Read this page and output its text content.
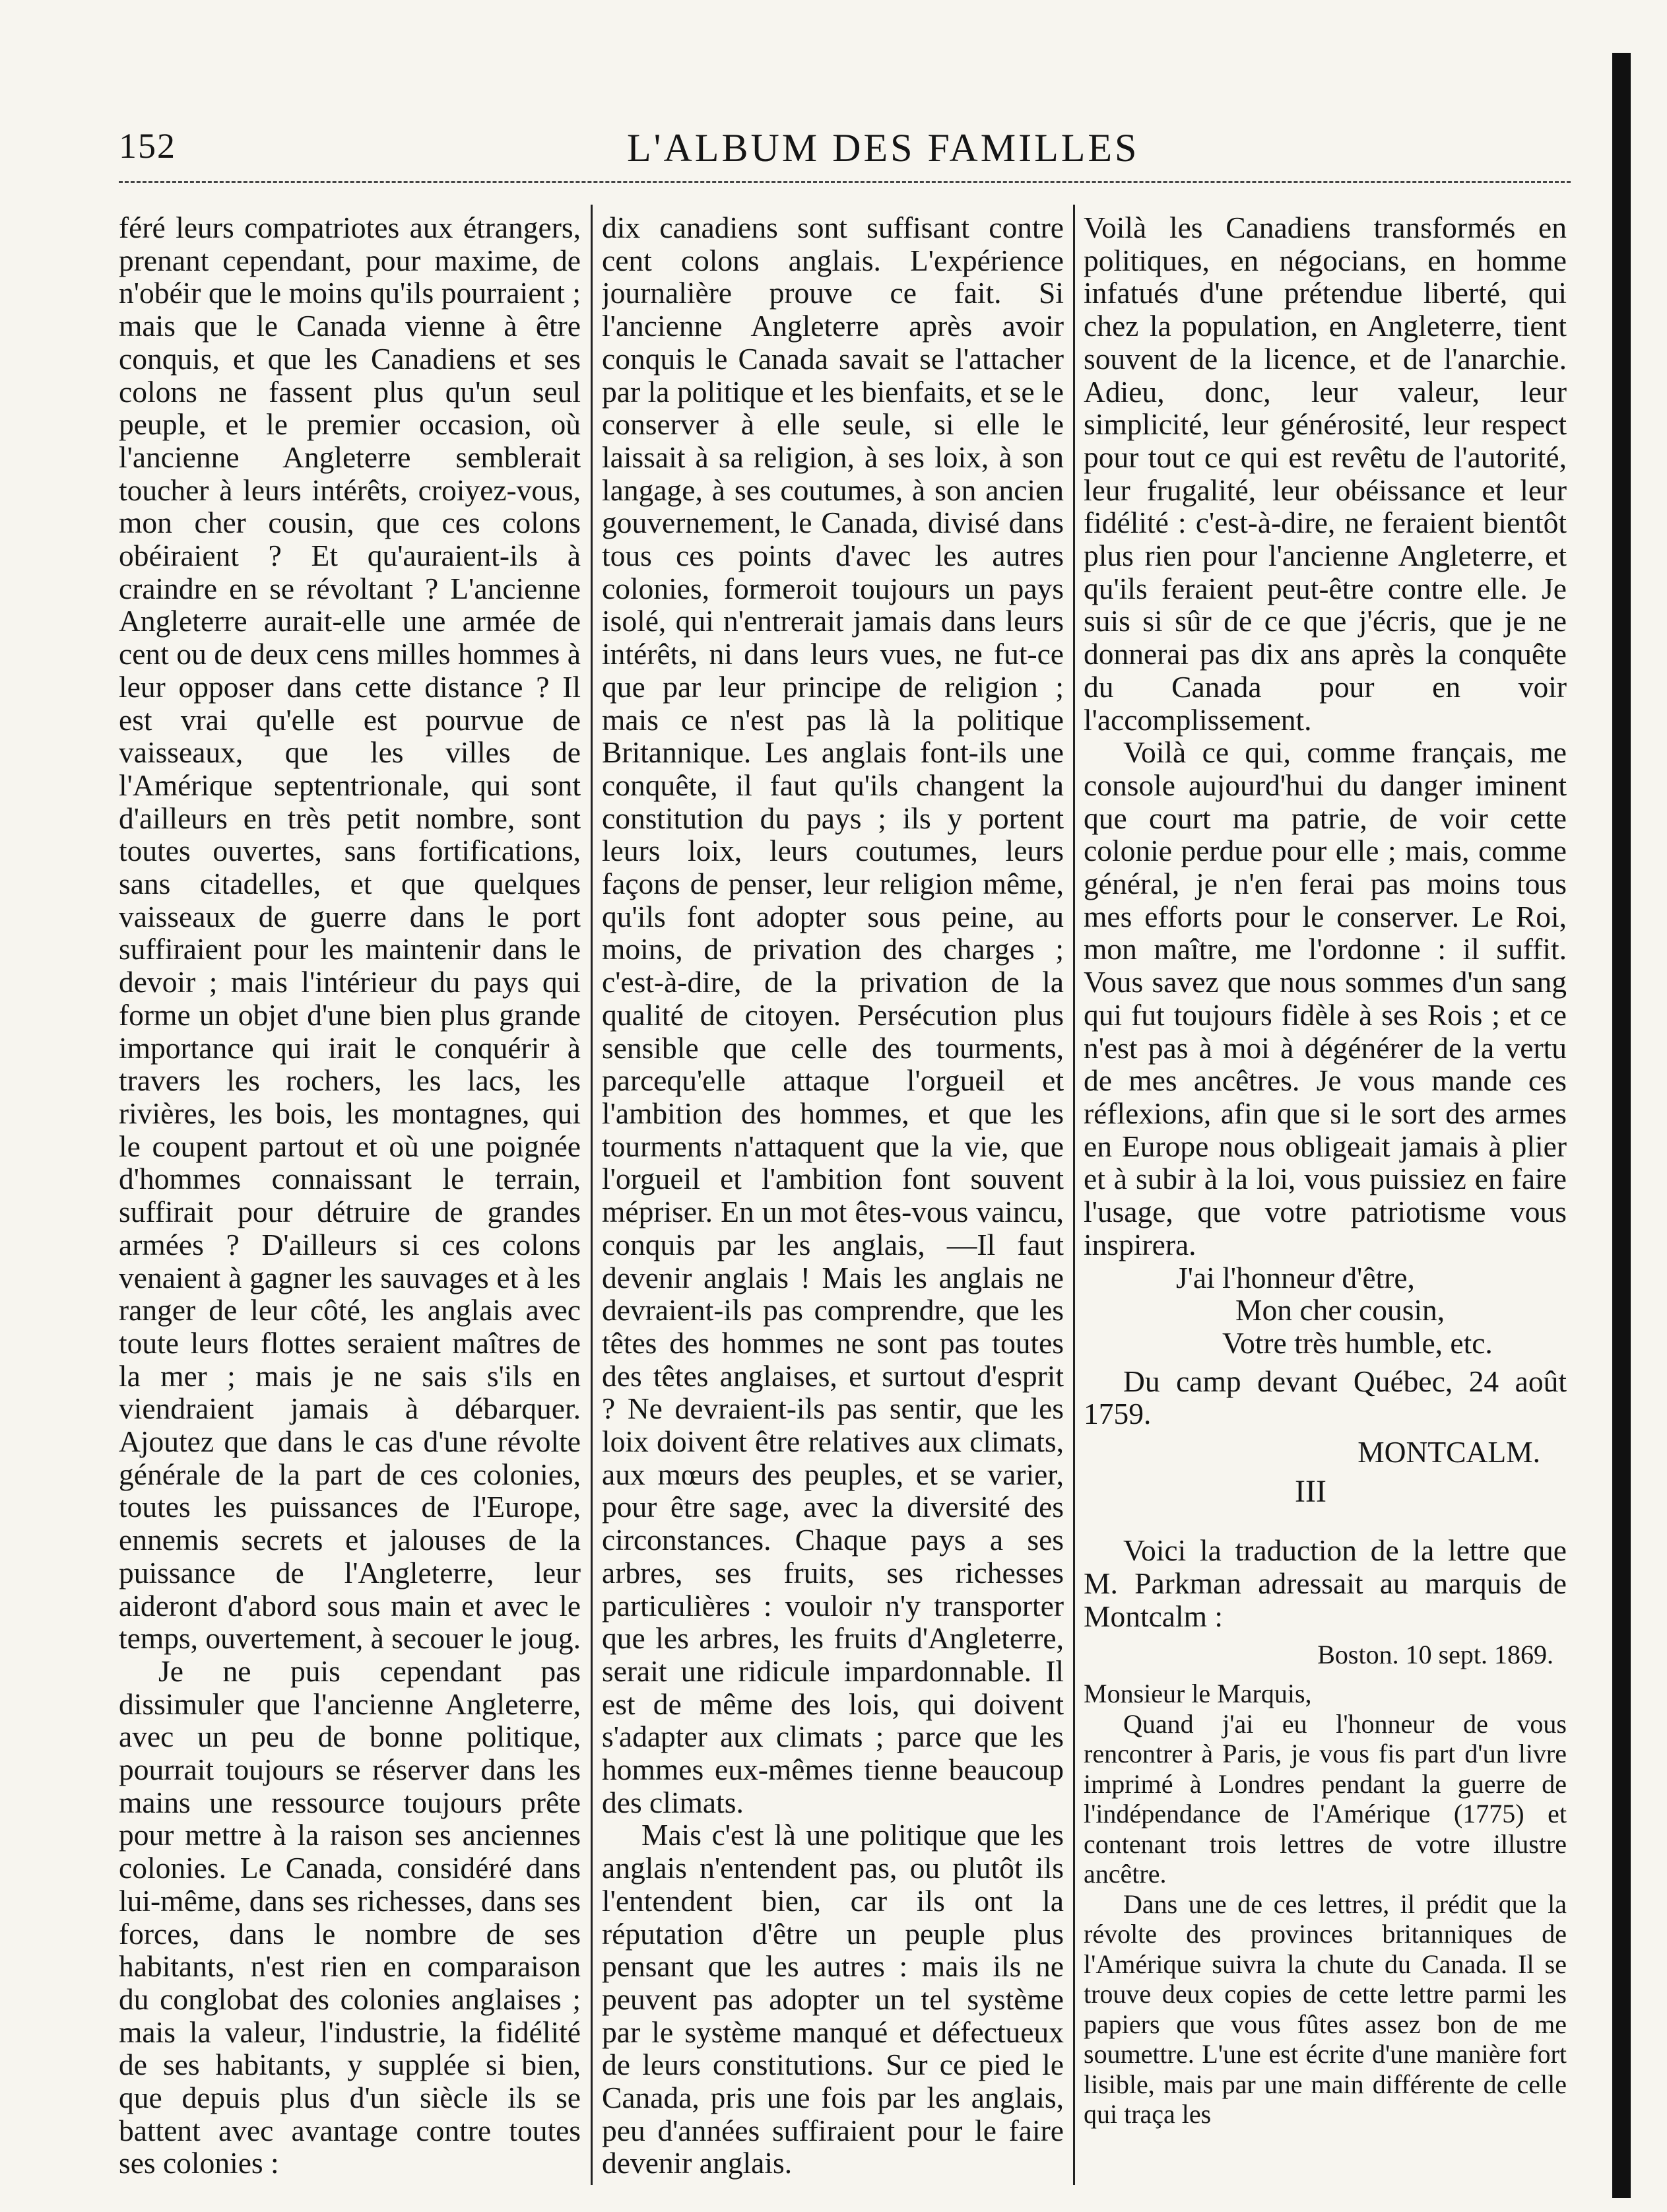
152	L'ALBUM DES FAMILLES

féré leurs compatriotes aux étrangers, prenant cependant, pour maxime, de n'obéir que le moins qu'ils pourraient ; mais que le Canada vienne à être conquis, et que les Canadiens et ses colons ne fassent plus qu'un seul peuple, et le premier occasion, où l'ancienne Angleterre semblerait toucher à leurs intérêts, croiyez-vous, mon cher cousin, que ces colons obéiraient ? Et qu'auraient-ils à craindre en se révoltant ? L'ancienne Angleterre aurait-elle une armée de cent ou de deux cens milles hommes à leur opposer dans cette distance ? Il est vrai qu'elle est pourvue de vaisseaux, que les villes de l'Amérique septentrionale, qui sont d'ailleurs en très petit nombre, sont toutes ouvertes, sans fortifications, sans citadelles, et que quelques vaisseaux de guerre dans le port suffiraient pour les maintenir dans le devoir ; mais l'intérieur du pays qui forme un objet d'une bien plus grande importance qui irait le conquérir à travers les rochers, les lacs, les rivières, les bois, les montagnes, qui le coupent partout et où une poignée d'hommes connaissant le terrain, suffirait pour détruire de grandes armées ? D'ailleurs si ces colons venaient à gagner les sauvages et à les ranger de leur côté, les anglais avec toute leurs flottes seraient maîtres de la mer ; mais je ne sais s'ils en viendraient jamais à débarquer. Ajoutez que dans le cas d'une révolte générale de la part de ces colonies, toutes les puissances de l'Europe, ennemis secrets et jalouses de la puissance de l'Angleterre, leur aideront d'abord sous main et avec le temps, ouvertement, à secouer le joug.

Je ne puis cependant pas dissimuler que l'ancienne Angleterre, avec un peu de bonne politique, pourrait toujours se réserver dans les mains une ressource toujours prête pour mettre à la raison ses anciennes colonies. Le Canada, considéré dans lui-même, dans ses richesses, dans ses forces, dans le nombre de ses habitants, n'est rien en comparaison du conglobat des colonies anglaises ; mais la valeur, l'industrie, la fidélité de ses habitants, y supplée si bien, que depuis plus d'un siècle ils se battent avec avantage contre toutes ses colonies :

dix canadiens sont suffisant contre cent colons anglais. L'expérience journalière prouve ce fait. Si l'ancienne Angleterre après avoir conquis le Canada savait se l'attacher par la politique et les bienfaits, et se le conserver à elle seule, si elle le laissait à sa religion, à ses loix, à son langage, à ses coutumes, à son ancien gouvernement, le Canada, divisé dans tous ces points d'avec les autres colonies, formeroit toujours un pays isolé, qui n'entrerait jamais dans leurs intérêts, ni dans leurs vues, ne fut-ce que par leur principe de religion ; mais ce n'est pas là la politique Britannique. Les anglais font-ils une conquête, il faut qu'ils changent la constitution du pays ; ils y portent leurs loix, leurs coutumes, leurs façons de penser, leur religion même, qu'ils font adopter sous peine, au moins, de privation des charges ; c'est-à-dire, de la privation de la qualité de citoyen. Persécution plus sensible que celle des tourments, parcequ'elle attaque l'orgueil et l'ambition des hommes, et que les tourments n'attaquent que la vie, que l'orgueil et l'ambition font souvent mépriser. En un mot êtes-vous vaincu, conquis par les anglais, —Il faut devenir anglais ! Mais les anglais ne devraient-ils pas comprendre, que les têtes des hommes ne sont pas toutes des têtes anglaises, et surtout d'esprit ? Ne devraient-ils pas sentir, que les loix doivent être relatives aux climats, aux mœurs des peuples, et se varier, pour être sage, avec la diversité des circonstances. Chaque pays a ses arbres, ses fruits, ses richesses particulières : vouloir n'y transporter que les arbres, les fruits d'Angleterre, serait une ridicule impardonnable. Il est de même des lois, qui doivent s'adapter aux climats ; parce que les hommes eux-mêmes tienne beaucoup des climats.

Mais c'est là une politique que les anglais n'entendent pas, ou plutôt ils l'entendent bien, car ils ont la réputation d'être un peuple plus pensant que les autres : mais ils ne peuvent pas adopter un tel système par le système manqué et défectueux de leurs constitutions. Sur ce pied le Canada, pris une fois par les anglais, peu d'années suffiraient pour le faire devenir anglais.

Voilà les Canadiens transformés en politiques, en négocians, en homme infatués d'une prétendue liberté, qui chez la population, en Angleterre, tient souvent de la licence, et de l'anarchie. Adieu, donc, leur valeur, leur simplicité, leur générosité, leur respect pour tout ce qui est revêtu de l'autorité, leur frugalité, leur obéissance et leur fidélité : c'est-à-dire, ne feraient bientôt plus rien pour l'ancienne Angleterre, et qu'ils feraient peut-être contre elle. Je suis si sûr de ce que j'écris, que je ne donnerai pas dix ans après la conquête du Canada pour en voir l'accomplissement.

Voilà ce qui, comme français, me console aujourd'hui du danger iminent que court ma patrie, de voir cette colonie perdue pour elle ; mais, comme général, je n'en ferai pas moins tous mes efforts pour le conserver. Le Roi, mon maître, me l'ordonne : il suffit. Vous savez que nous sommes d'un sang qui fut toujours fidèle à ses Rois ; et ce n'est pas à moi à dégénérer de la vertu de mes ancêtres. Je vous mande ces réflexions, afin que si le sort des armes en Europe nous obligeait jamais à plier et à subir à la loi, vous puissiez en faire l'usage, que votre patriotisme vous inspirera.

J'ai l'honneur d'être,

Mon cher cousin,

Votre très humble, etc.

Du camp devant Québec, 24 août 1759.

MONTCALM.

III

Voici la traduction de la lettre que M. Parkman adressait au marquis de Montcalm :

Boston. 10 sept. 1869.

Monsieur le Marquis,

Quand j'ai eu l'honneur de vous rencontrer à Paris, je vous fis part d'un livre imprimé à Londres pendant la guerre de l'indépendance de l'Amérique (1775) et contenant trois lettres de votre illustre ancêtre.

Dans une de ces lettres, il prédit que la révolte des provinces britanniques de l'Amérique suivra la chute du Canada. Il se trouve deux copies de cette lettre parmi les papiers que vous fûtes assez bon de me soumettre. L'une est écrite d'une manière fort lisible, mais par une main différente de celle qui traça les
